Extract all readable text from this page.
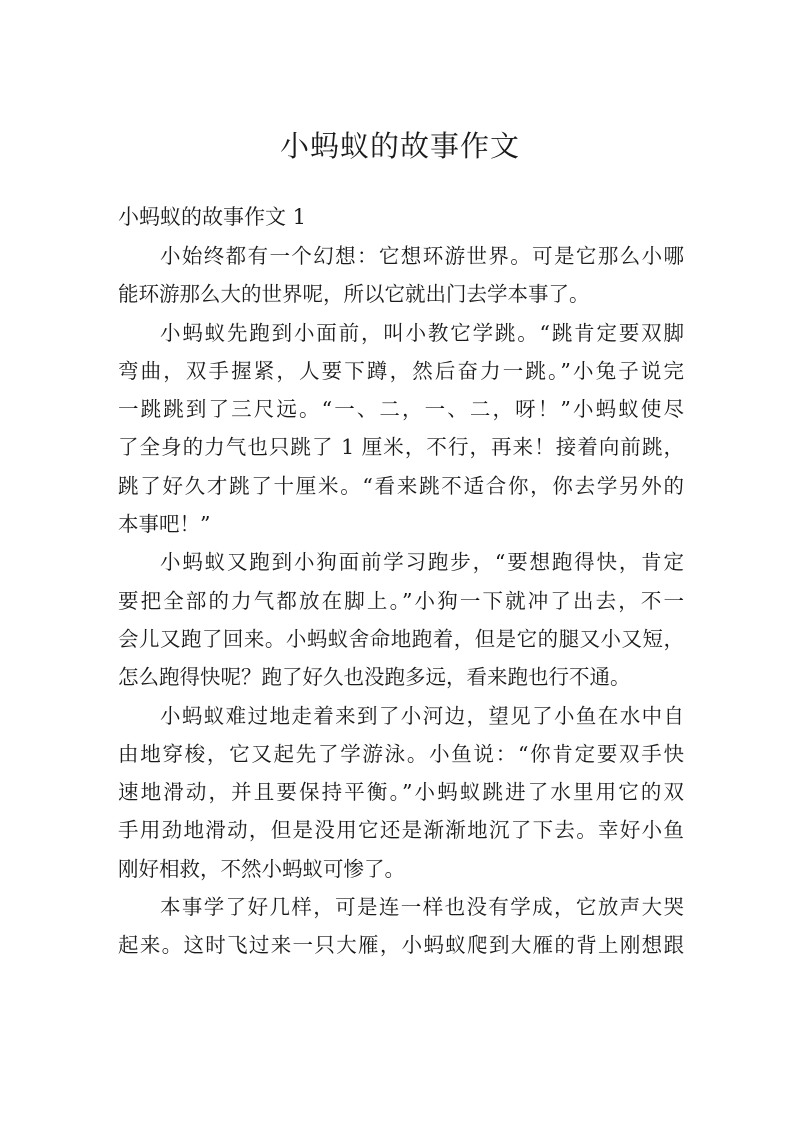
小蚂蚁的故事作文
小蚂蚁的故事作文 1
小始终都有一个幻想：它想环游世界。可是它那么小哪
能环游那么大的世界呢，所以它就出门去学本事了。
小蚂蚁先跑到小面前，叫小教它学跳。“跳肯定要双脚
弯曲，双手握紧，人要下蹲，然后奋力一跳。”小兔子说完
一跳跳到了三尺远。“一、二，一、二，呀！”小蚂蚁使尽
了全身的力气也只跳了 1 厘米，不行，再来！接着向前跳，
跳了好久才跳了十厘米。“看来跳不适合你，你去学另外的
本事吧！”
小蚂蚁又跑到小狗面前学习跑步，“要想跑得快，肯定
要把全部的力气都放在脚上。”小狗一下就冲了出去，不一
会儿又跑了回来。小蚂蚁舍命地跑着，但是它的腿又小又短，
怎么跑得快呢？跑了好久也没跑多远，看来跑也行不通。
小蚂蚁难过地走着来到了小河边，望见了小鱼在水中自
由地穿梭，它又起先了学游泳。小鱼说：“你肯定要双手快
速地滑动，并且要保持平衡。”小蚂蚁跳进了水里用它的双
手用劲地滑动，但是没用它还是渐渐地沉了下去。幸好小鱼
刚好相救，不然小蚂蚁可惨了。
本事学了好几样，可是连一样也没有学成，它放声大哭
起来。这时飞过来一只大雁，小蚂蚁爬到大雁的背上刚想跟
